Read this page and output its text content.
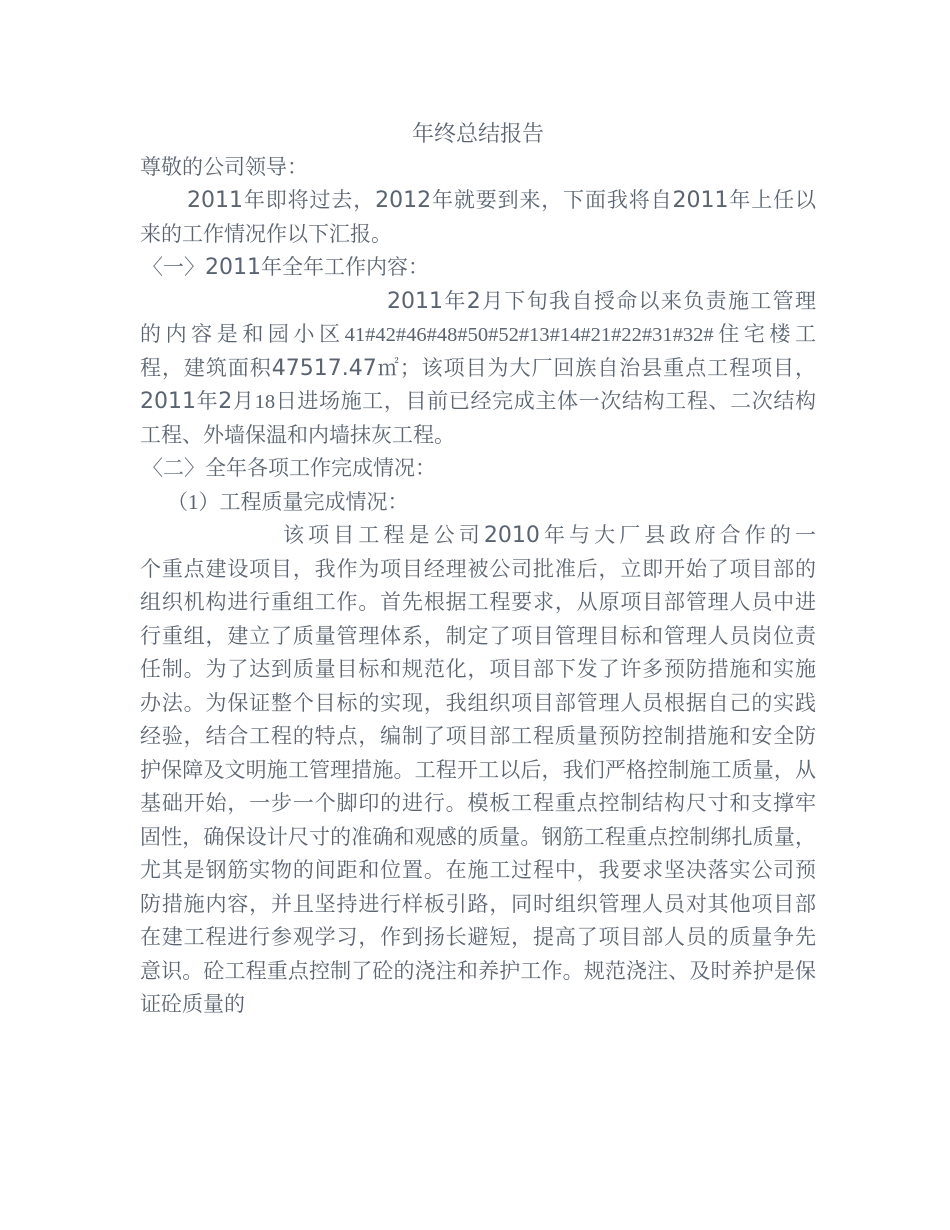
年终总结报告
尊敬的公司领导：
2011年即将过去，2012年就要到来，下面我将自2011年上任以
来的工作情况作以下汇报。
〈一〉2011年全年工作内容：
2011年2月下旬我自授命以来负责施工管理
的内容是和园小区41#42#46#48#50#52#13#14#21#22#31#32#住宅楼工
程，建筑面积47517.47㎡；该项目为大厂回族自治县重点工程项目，
2011年2月18日进场施工，目前已经完成主体一次结构工程、二次结构
工程、外墙保温和内墙抹灰工程。
〈二〉全年各项工作完成情况：
（1）工程质量完成情况：
该项目工程是公司2010年与大厂县政府合作的一
个重点建设项目，我作为项目经理被公司批准后，立即开始了项目部的
组织机构进行重组工作。首先根据工程要求，从原项目部管理人员中进
行重组，建立了质量管理体系，制定了项目管理目标和管理人员岗位责
任制。为了达到质量目标和规范化，项目部下发了许多预防措施和实施
办法。为保证整个目标的实现，我组织项目部管理人员根据自己的实践
经验，结合工程的特点，编制了项目部工程质量预防控制措施和安全防
护保障及文明施工管理措施。工程开工以后，我们严格控制施工质量，从
基础开始，一步一个脚印的进行。模板工程重点控制结构尺寸和支撑牢
固性，确保设计尺寸的准确和观感的质量。钢筋工程重点控制绑扎质量，
尤其是钢筋实物的间距和位置。在施工过程中，我要求坚决落实公司预
防措施内容，并且坚持进行样板引路，同时组织管理人员对其他项目部
在建工程进行参观学习，作到扬长避短，提高了项目部人员的质量争先
意识。砼工程重点控制了砼的浇注和养护工作。规范浇注、及时养护是保
证砼质量的
